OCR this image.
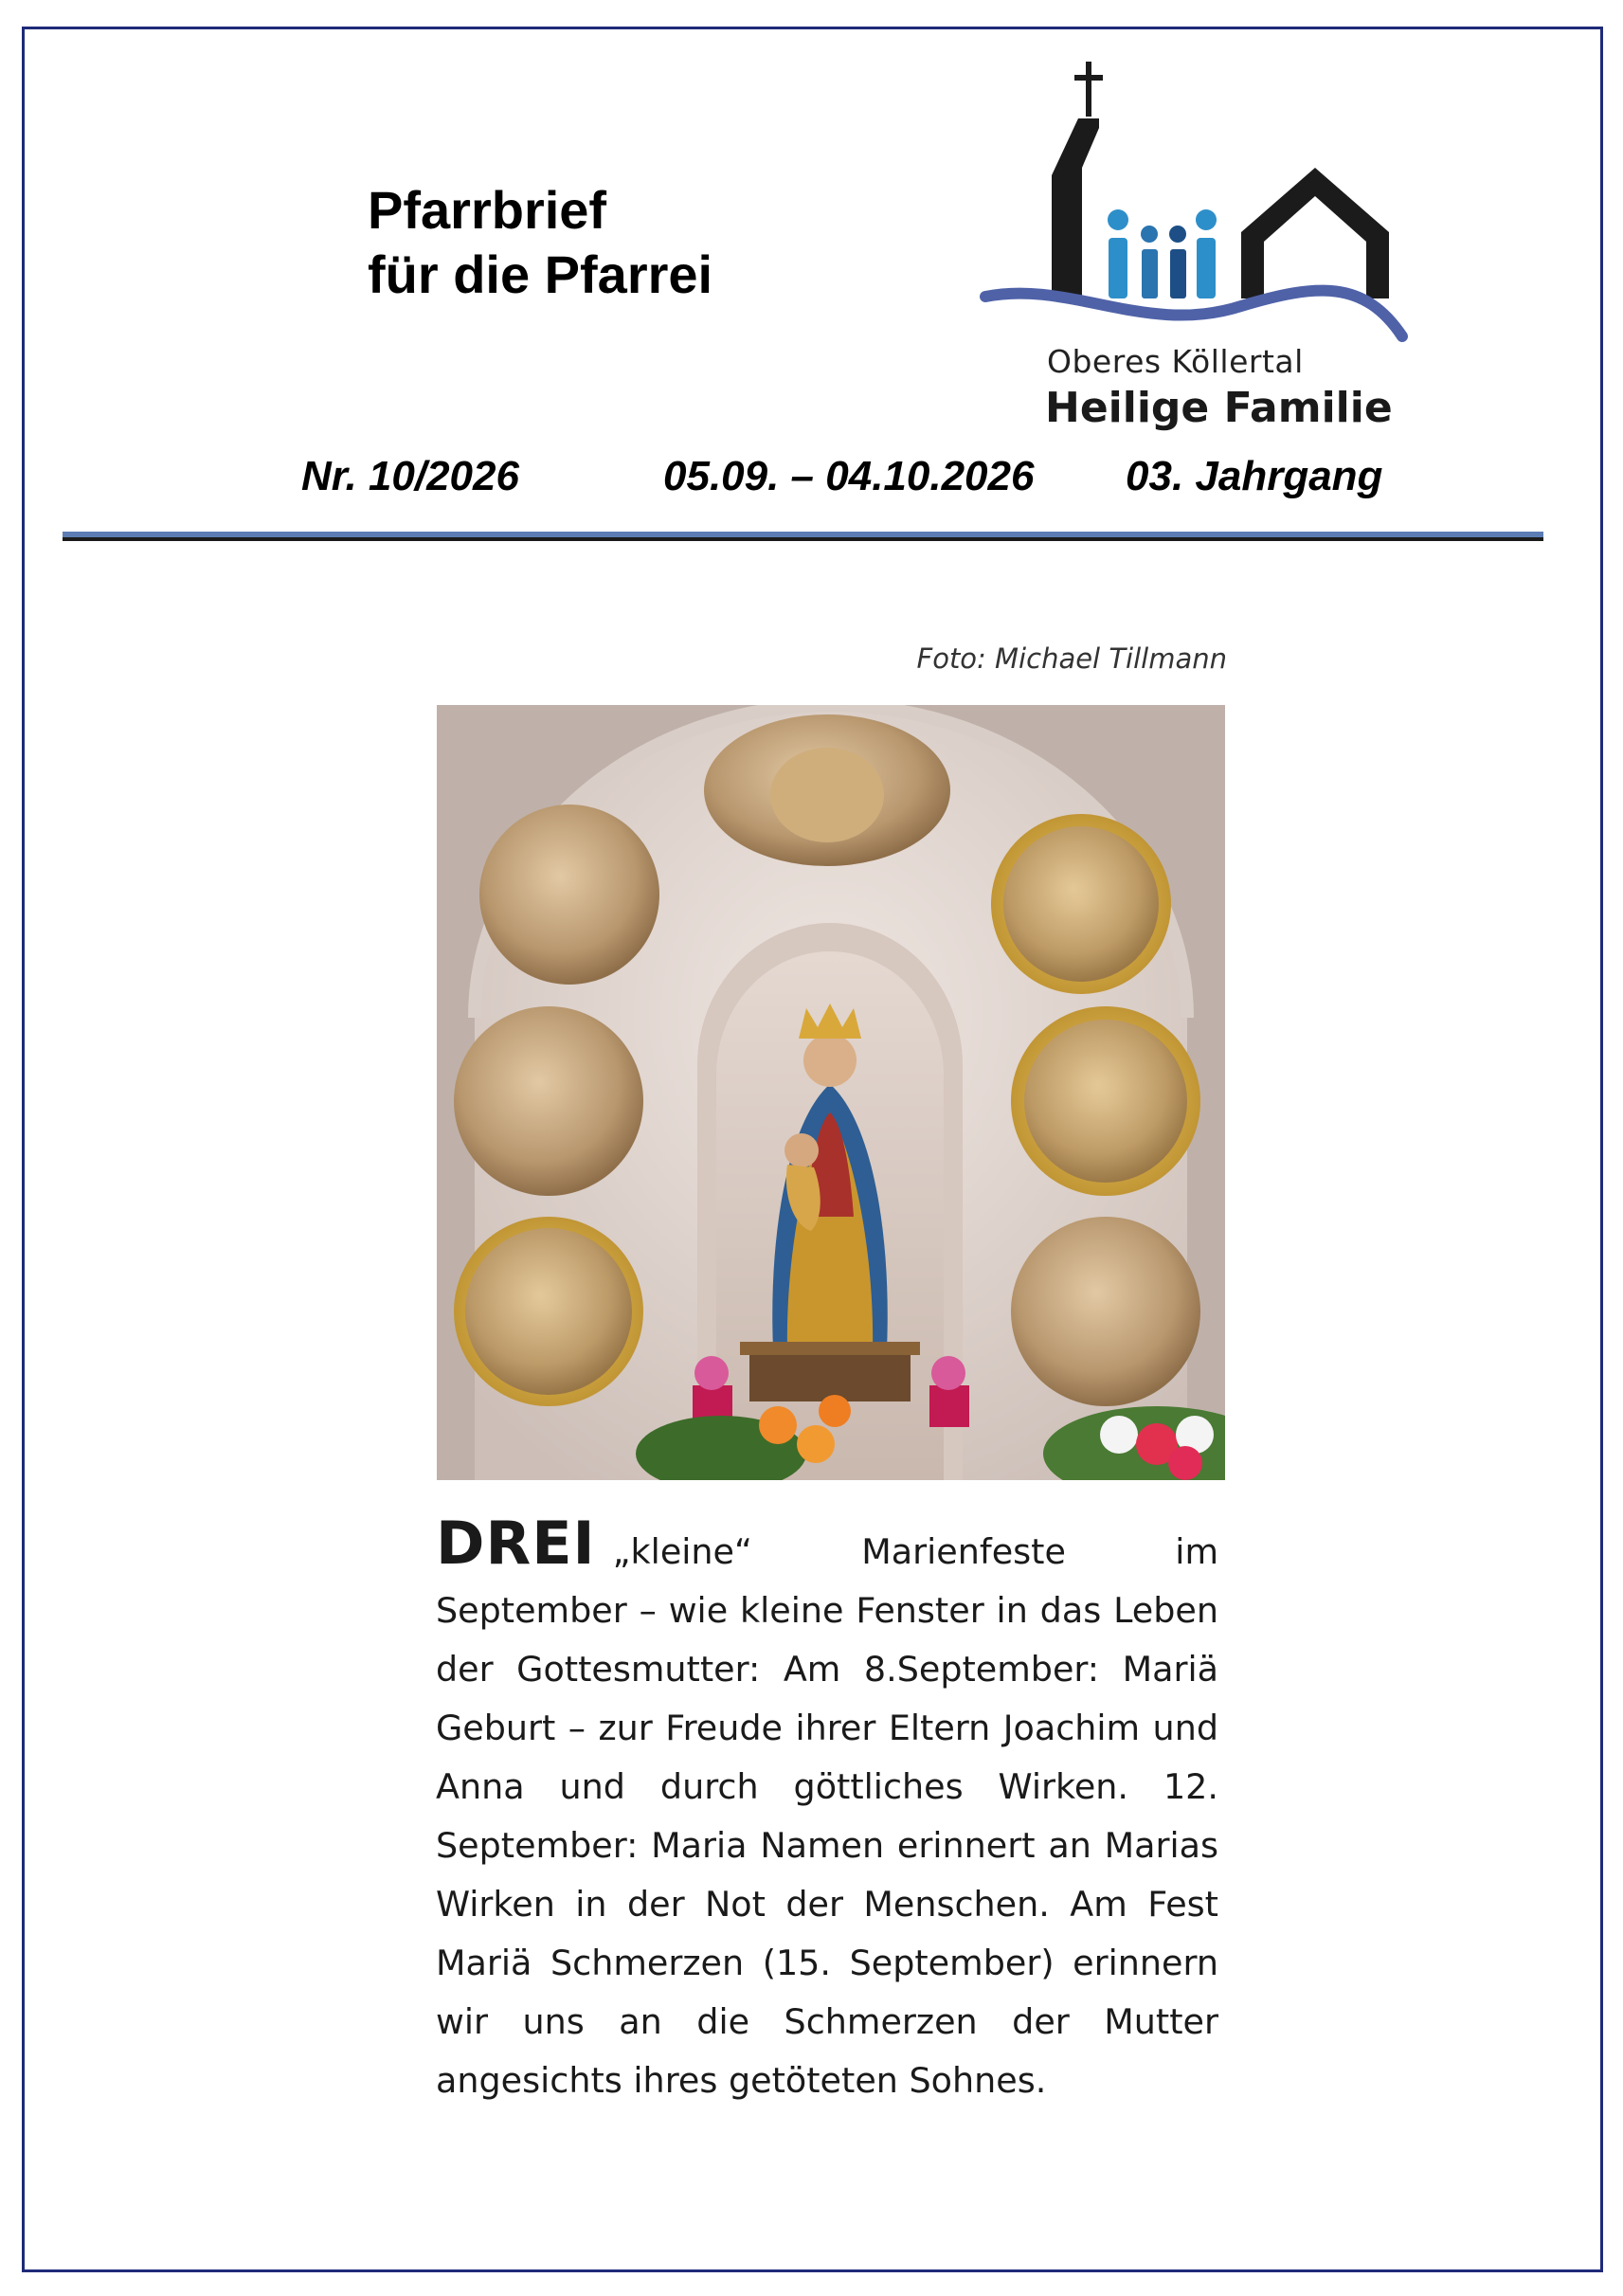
Pfarrbrief
für die Pfarrei
Oberes Köllertal
Heilige Familie
Nr. 10/2026	05.09. – 04.10.2026 03. Jahrgang
Foto: Michael Tillmann
DREI „kleine“ Marienfeste im September – wie kleine Fenster in das Leben der Gottesmutter: Am 8.September: Mariä Geburt – zur Freude ihrer Eltern Joachim und Anna und durch göttliches Wirken. 12. September: Maria Namen erinnert an Marias Wirken in der Not der Menschen. Am Fest Mariä Schmerzen (15. September) erinnern wir uns an die Schmerzen der Mutter angesichts ihres getöteten Sohnes.
